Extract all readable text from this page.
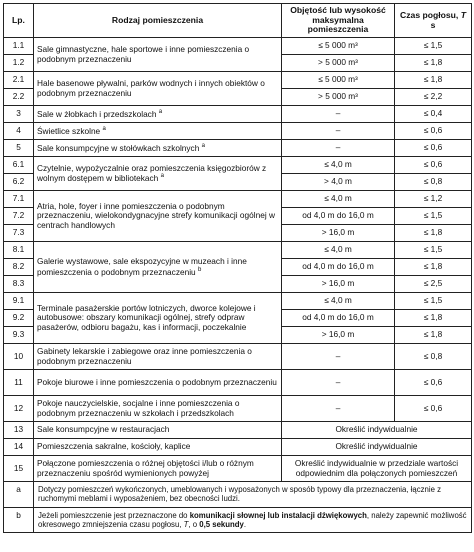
Lp.	Rodzaj pomieszczenia	Objętość lub wysokość maksymalna pomieszczenia	Czas pogłosu, T
s
1.1	Sale gimnastyczne, hale sportowe i inne pomieszczenia o podobnym przeznaczeniu	≤ 5 000 m³	≤ 1,5
1.2		> 5 000 m³	≤ 1,8
2.1	Hale basenowe pływalni, parków wodnych i innych obiektów o podobnym przeznaczeniu	≤ 5 000 m³	≤ 1,8
2.2		> 5 000 m³	≤ 2,2
3	Sale w żłobkach i przedszkolach $^a$	–	≤ 0,4
4	Świetlice szkolne $^a$	–	≤ 0,6
5	Sale konsumpcyjne w stołówkach szkolnych $^a$	–	≤ 0,6
6.1	Czytelnie, wypożyczalnie oraz pomieszczenia księgozbiorów z wolnym dostępem w bibliotekach $^a$	≤ 4,0 m	≤ 0,6
6.2		> 4,0 m	≤ 0,8
7.1	Atria, hole, foyer i inne pomieszczenia o podobnym przeznaczeniu, wielokondygnacyjne strefy komunikacji ogólnej w centrach handlowych	≤ 4,0 m	≤ 1,2
7.2		od 4,0 m do 16,0 m	≤ 1,5
7.3		> 16,0 m	≤ 1,8
8.1	Galerie wystawowe, sale ekspozycyjne w muzeach i inne pomieszczenia o podobnym przeznaczeniu $^b$	≤ 4,0 m	≤ 1,5
8.2		od 4,0 m do 16,0 m	≤ 1,8
8.3		> 16,0 m	≤ 2,5
9.1	Terminale pasażerskie portów lotniczych, dworce kolejowe i autobusowe: obszary komunikacji ogólnej, strefy odpraw pasażerów, odbioru bagażu, kas i informacji, poczekalnie	≤ 4,0 m	≤ 1,5
9.2		od 4,0 m do 16,0 m	≤ 1,8
9.3		> 16,0 m	≤ 1,8
10	Gabinety lekarskie i zabiegowe oraz inne pomieszczenia o podobnym przeznaczeniu	–	≤ 0,8
11	Pokoje biurowe i inne pomieszczenia o podobnym przeznaczeniu	–	≤ 0,6
12	Pokoje nauczycielskie, socjalne i inne pomieszczenia o podobnym przeznaczeniu w szkołach i przedszkolach	–	≤ 0,6
13	Sale konsumpcyjne w restauracjach	Określić indywidualnie	
14	Pomieszczenia sakralne, kościoły, kaplice	Określić indywidualnie	
15	Połączone pomieszczenia o różnej objętości i/lub o różnym przeznaczeniu spośród wymienionych powyżej	Określić indywidualnie w przedziale wartości odpowiednim dla połączonych pomieszczeń	
a	Dotyczy pomieszczeń wykończonych, umeblowanych i wyposażonych w sposób typowy dla przeznaczenia, łącznie z ruchomymi meblami i wyposażeniem, bez obecności ludzi.		
b	Jeżeli pomieszczenie jest przeznaczone do komunikacji słownej lub instalacji dźwiękowych, należy zapewnić możliwość okresowego zmniejszenia czasu pogłosu, T, o 0,5 sekundy.		
